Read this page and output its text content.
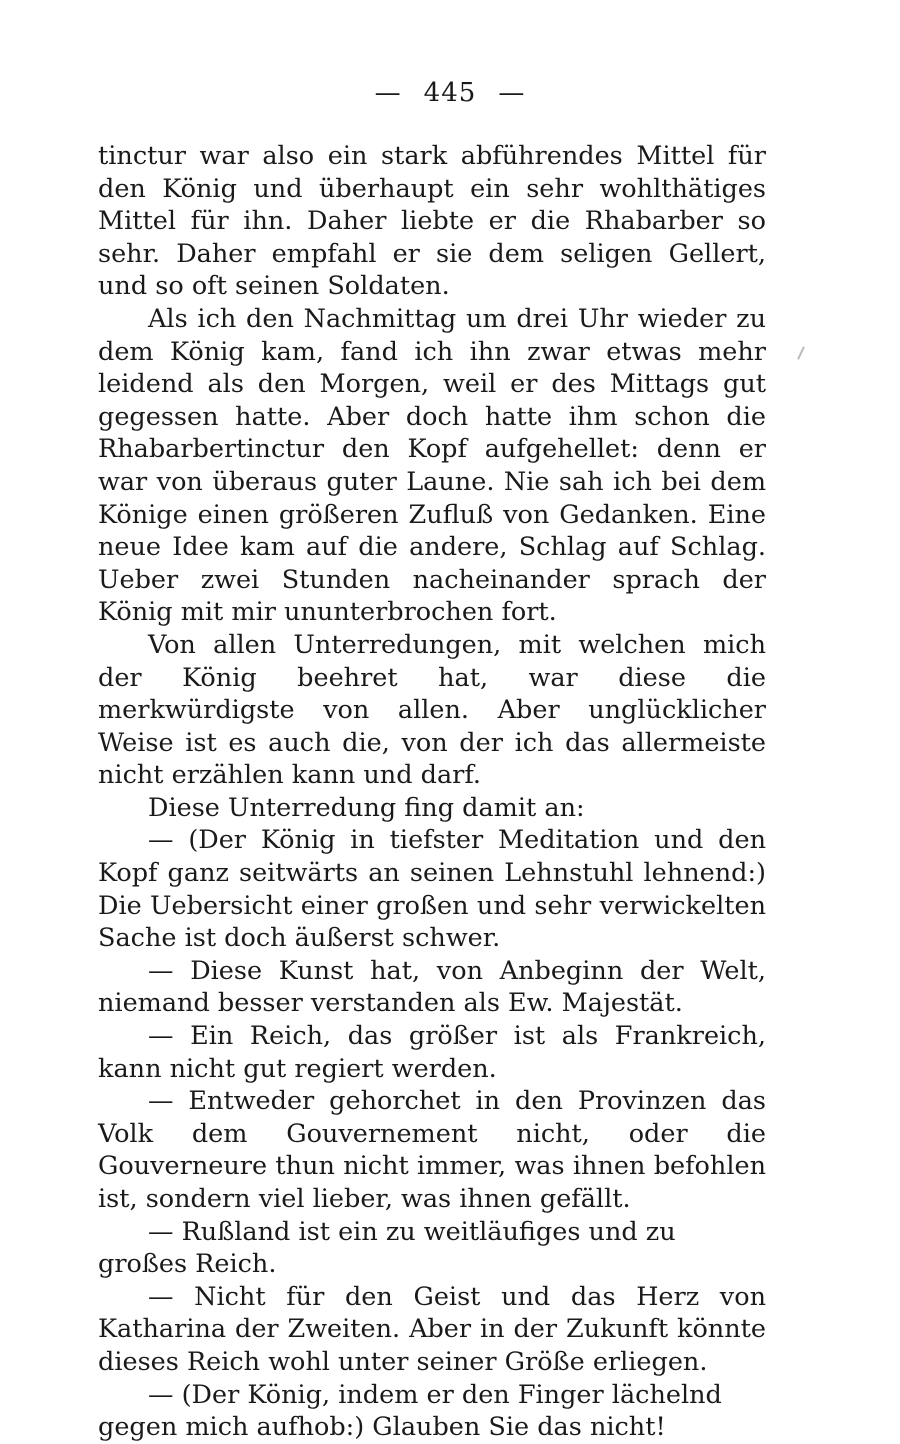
— 445 —

tinctur war also ein stark abführendes Mittel für den König und überhaupt ein sehr wohlthätiges Mittel für ihn. Daher liebte er die Rhabarber so sehr. Daher empfahl er sie dem seligen Gellert, und so oft seinen Soldaten.

Als ich den Nachmittag um drei Uhr wieder zu dem König kam, fand ich ihn zwar etwas mehr leidend als den Morgen, weil er des Mittags gut gegessen hatte. Aber doch hatte ihm schon die Rhabarbertinctur den Kopf aufgehellet: denn er war von überaus guter Laune. Nie sah ich bei dem Könige einen größeren Zufluß von Gedanken. Eine neue Idee kam auf die andere, Schlag auf Schlag. Ueber zwei Stunden nacheinander sprach der König mit mir ununterbrochen fort.

Von allen Unterredungen, mit welchen mich der König beehret hat, war diese die merkwürdigste von allen. Aber unglücklicher Weise ist es auch die, von der ich das allermeiste nicht erzählen kann und darf.

Diese Unterredung fing damit an:

— (Der König in tiefster Meditation und den Kopf ganz seitwärts an seinen Lehnstuhl lehnend:) Die Uebersicht einer großen und sehr verwickelten Sache ist doch äußerst schwer.

— Diese Kunst hat, von Anbeginn der Welt, niemand besser verstanden als Ew. Majestät.

— Ein Reich, das größer ist als Frankreich, kann nicht gut regiert werden.

— Entweder gehorchet in den Provinzen das Volk dem Gouvernement nicht, oder die Gouverneure thun nicht immer, was ihnen befohlen ist, sondern viel lieber, was ihnen gefällt.

— Rußland ist ein zu weitläufiges und zu großes Reich.

— Nicht für den Geist und das Herz von Katharina der Zweiten. Aber in der Zukunft könnte dieses Reich wohl unter seiner Größe erliegen.

— (Der König, indem er den Finger lächelnd gegen mich aufhob:) Glauben Sie das nicht!
